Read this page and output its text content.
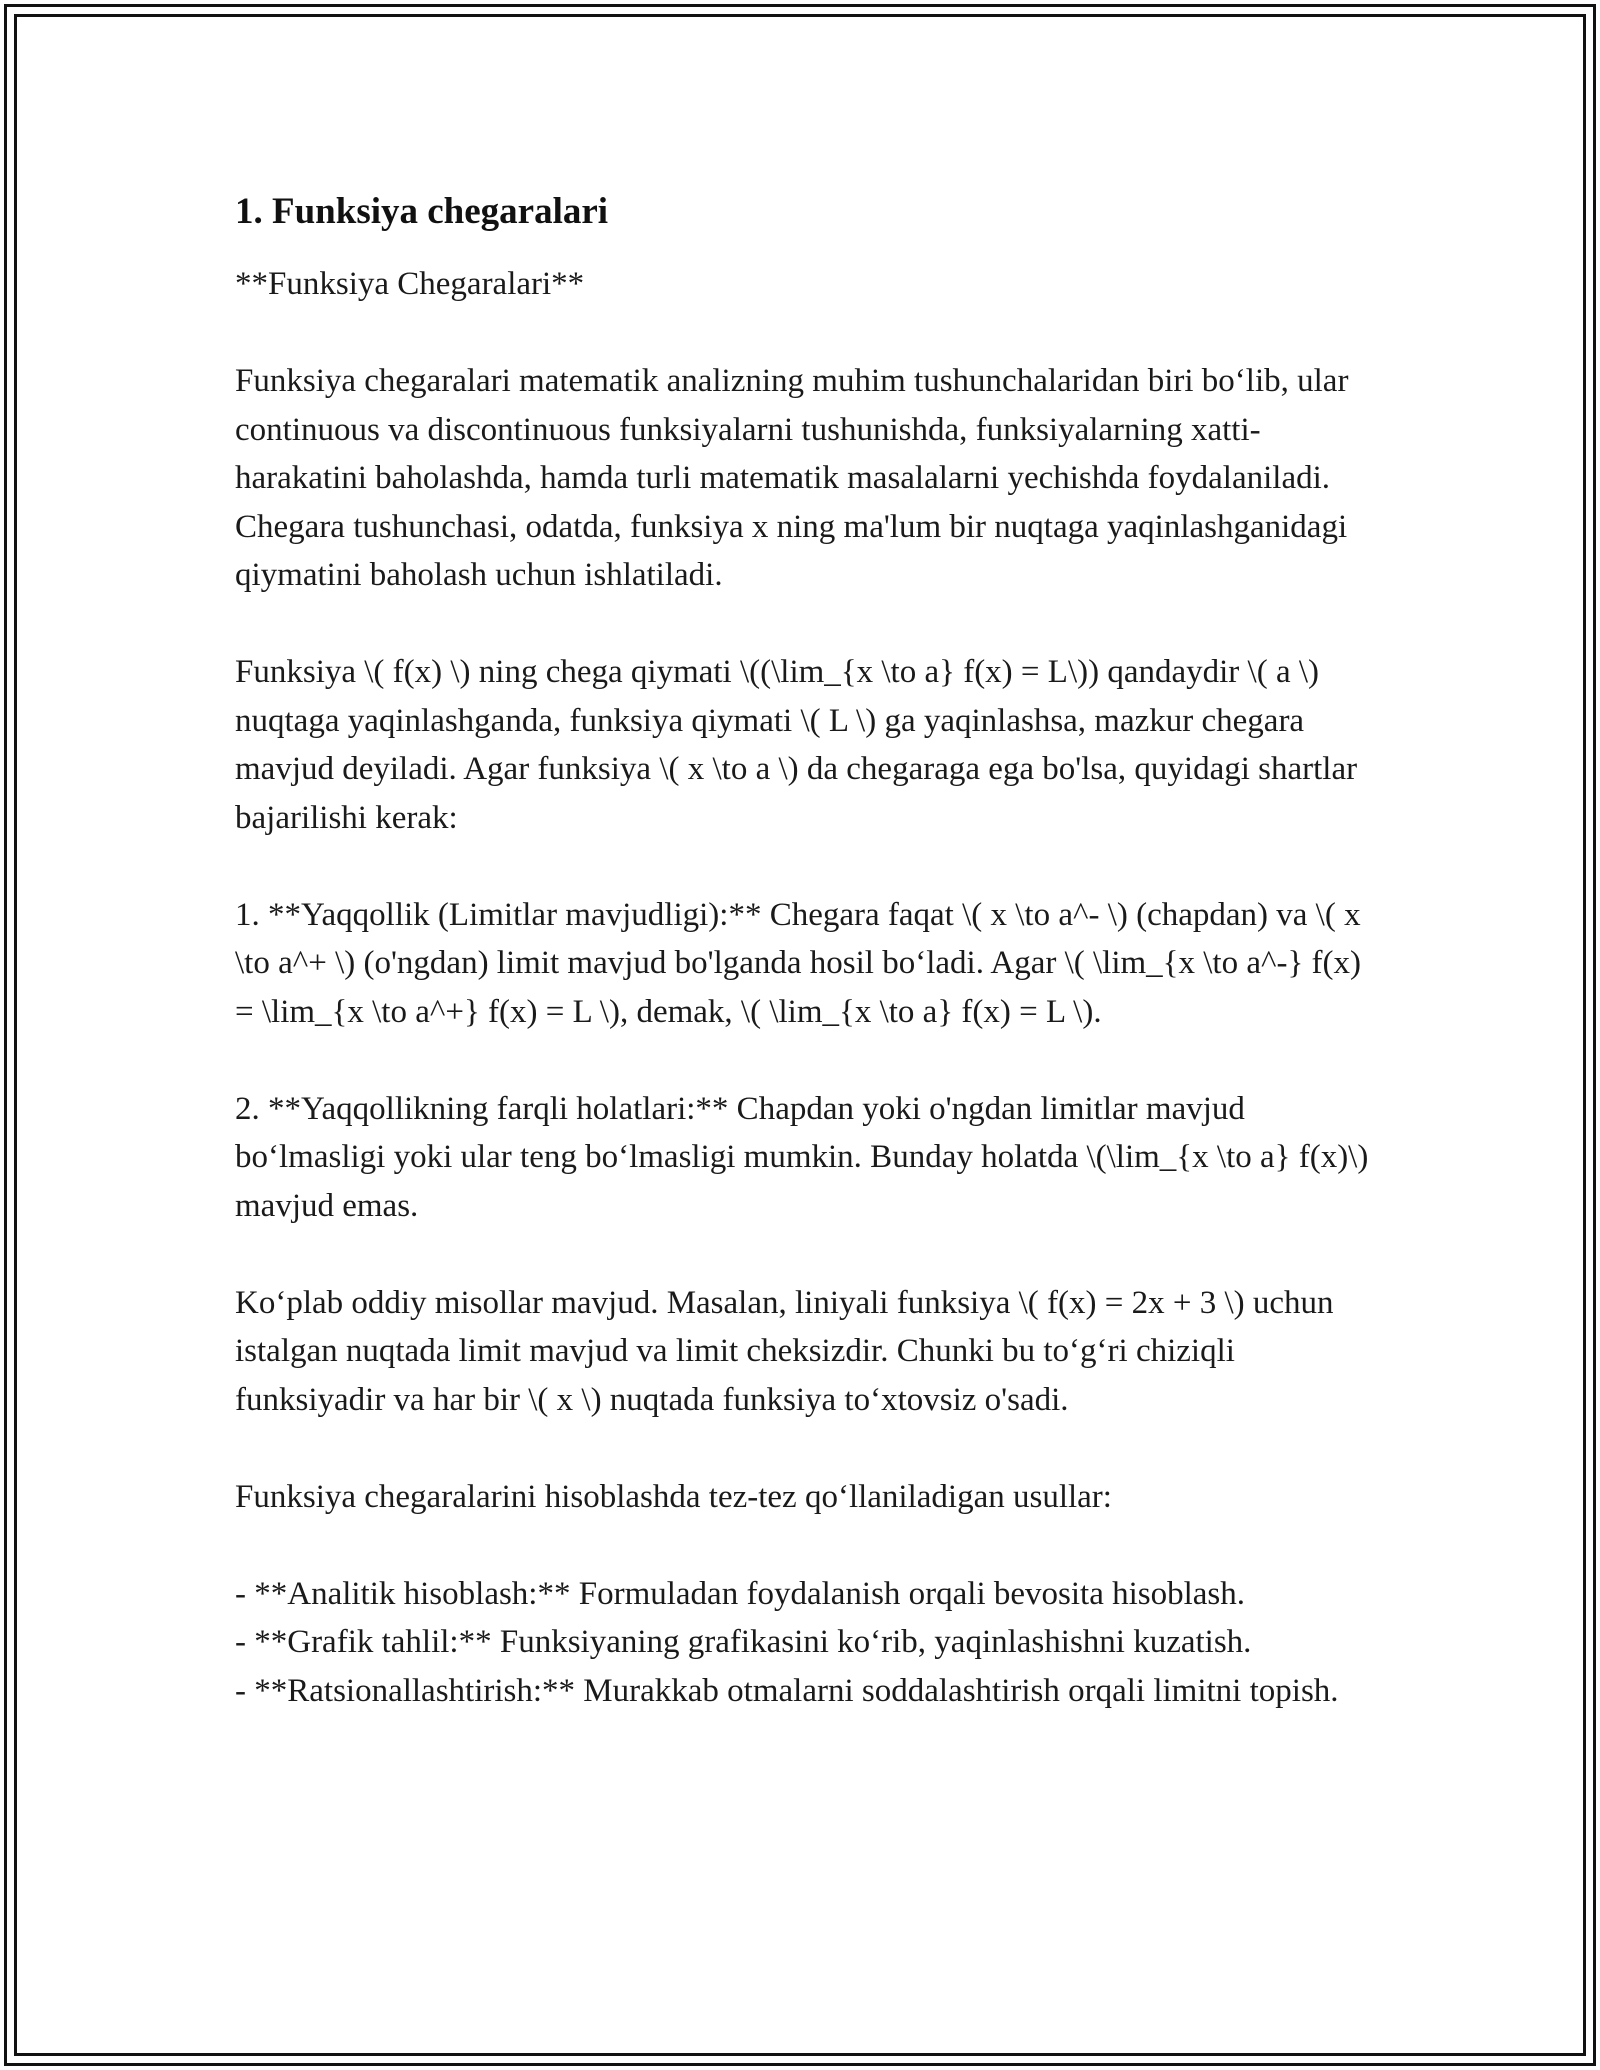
1. Funksiya chegaralari

**Funksiya Chegaralari**

Funksiya chegaralari matematik analizning muhim tushunchalaridan biri bo‘lib, ular continuous va discontinuous funksiyalarni tushunishda, funksiyalarning xatti-harakatini baholashda, hamda turli matematik masalalarni yechishda foydalaniladi. Chegara tushunchasi, odatda, funksiya x ning ma'lum bir nuqtaga yaqinlashganidagi qiymatini baholash uchun ishlatiladi.

Funksiya \( f(x) \) ning chega qiymati \((\lim_{x \to a} f(x) = L\)) qandaydir \( a \) nuqtaga yaqinlashganda, funksiya qiymati \( L \) ga yaqinlashsa, mazkur chegara mavjud deyiladi. Agar funksiya \( x \to a \) da chegaraga ega bo'lsa, quyidagi shartlar bajarilishi kerak:

1. **Yaqqollik (Limitlar mavjudligi):** Chegara faqat \( x \to a^- \) (chapdan) va \( x \to a^+ \) (o'ngdan) limit mavjud bo'lganda hosil bo‘ladi. Agar \( \lim_{x \to a^-} f(x) = \lim_{x \to a^+} f(x) = L \), demak, \( \lim_{x \to a} f(x) = L \).

2. **Yaqqollikning farqli holatlari:** Chapdan yoki o'ngdan limitlar mavjud bo‘lmasligi yoki ular teng bo‘lmasligi mumkin. Bunday holatda \(\lim_{x \to a} f(x)\) mavjud emas.

Ko‘plab oddiy misollar mavjud. Masalan, liniyali funksiya \( f(x) = 2x + 3 \) uchun istalgan nuqtada limit mavjud va limit cheksizdir. Chunki bu to‘g‘ri chiziqli funksiyadir va har bir \( x \) nuqtada funksiya to‘xtovsiz o'sadi.

Funksiya chegaralarini hisoblashda tez-tez qo‘llaniladigan usullar:

- **Analitik hisoblash:** Formuladan foydalanish orqali bevosita hisoblash.
- **Grafik tahlil:** Funksiyaning grafikasini ko‘rib, yaqinlashishni kuzatish.
- **Ratsionallashtirish:** Murakkab otmalarni soddalashtirish orqali limitni topish.
